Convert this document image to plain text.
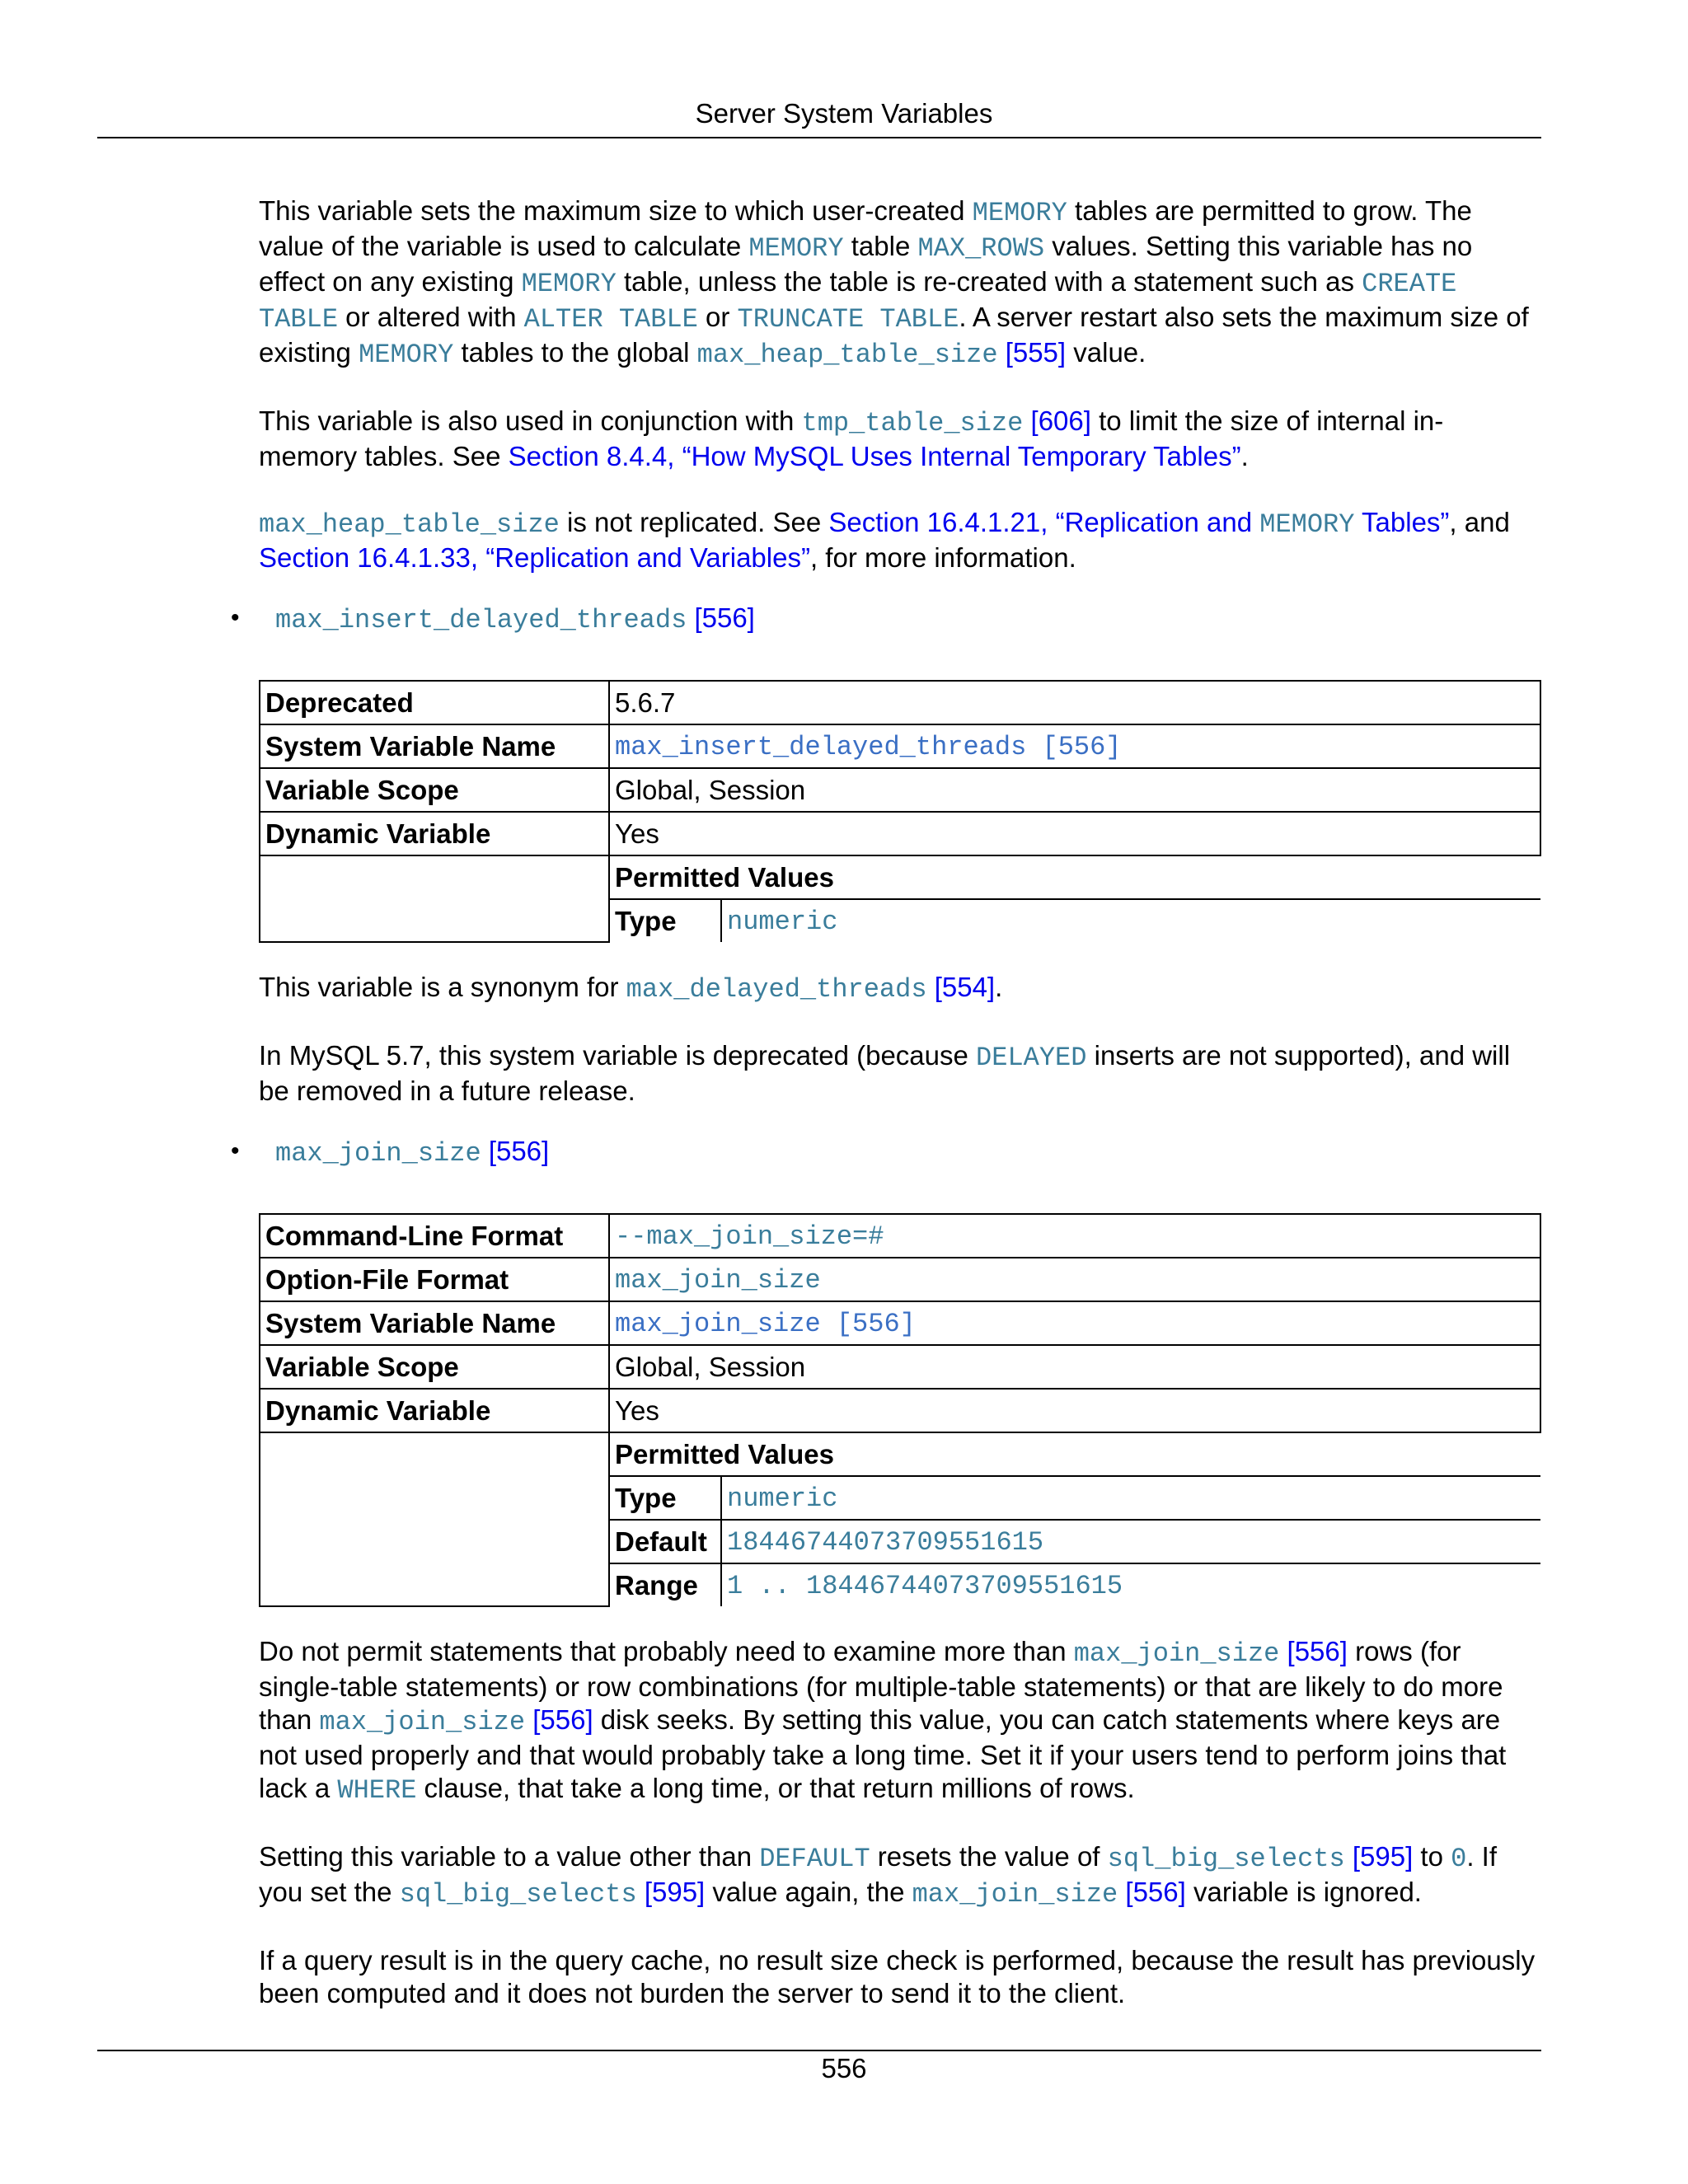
Server System Variables

This variable sets the maximum size to which user-created MEMORY tables are permitted to grow. The value of the variable is used to calculate MEMORY table MAX_ROWS values. Setting this variable has no effect on any existing MEMORY table, unless the table is re-created with a statement such as CREATE TABLE or altered with ALTER TABLE or TRUNCATE TABLE. A server restart also sets the maximum size of existing MEMORY tables to the global max_heap_table_size [555] value.

This variable is also used in conjunction with tmp_table_size [606] to limit the size of internal in-memory tables. See Section 8.4.4, “How MySQL Uses Internal Temporary Tables”.

max_heap_table_size is not replicated. See Section 16.4.1.21, “Replication and MEMORY Tables”, and Section 16.4.1.33, “Replication and Variables”, for more information.

• max_insert_delayed_threads [556]
Deprecated	5.6.7
System Variable Name	max_insert_delayed_threads [556]
Variable Scope	Global, Session
Dynamic Variable	Yes

Permitted Values
Type	numeric

This variable is a synonym for max_delayed_threads [554].

In MySQL 5.7, this system variable is deprecated (because DELAYED inserts are not supported), and will be removed in a future release.

• max_join_size [556]
Command-Line Format	--max_join_size=#
Option-File Format	max_join_size
System Variable Name	max_join_size [556]
Variable Scope	Global, Session
Dynamic Variable	Yes

Permitted Values
Type	numeric
Default	18446744073709551615
Range	1 .. 18446744073709551615

Do not permit statements that probably need to examine more than max_join_size [556] rows (for single-table statements) or row combinations (for multiple-table statements) or that are likely to do more than max_join_size [556] disk seeks. By setting this value, you can catch statements where keys are not used properly and that would probably take a long time. Set it if your users tend to perform joins that lack a WHERE clause, that take a long time, or that return millions of rows.

Setting this variable to a value other than DEFAULT resets the value of sql_big_selects [595] to 0. If you set the sql_big_selects [595] value again, the max_join_size [556] variable is ignored.

If a query result is in the query cache, no result size check is performed, because the result has previously been computed and it does not burden the server to send it to the client.

556
